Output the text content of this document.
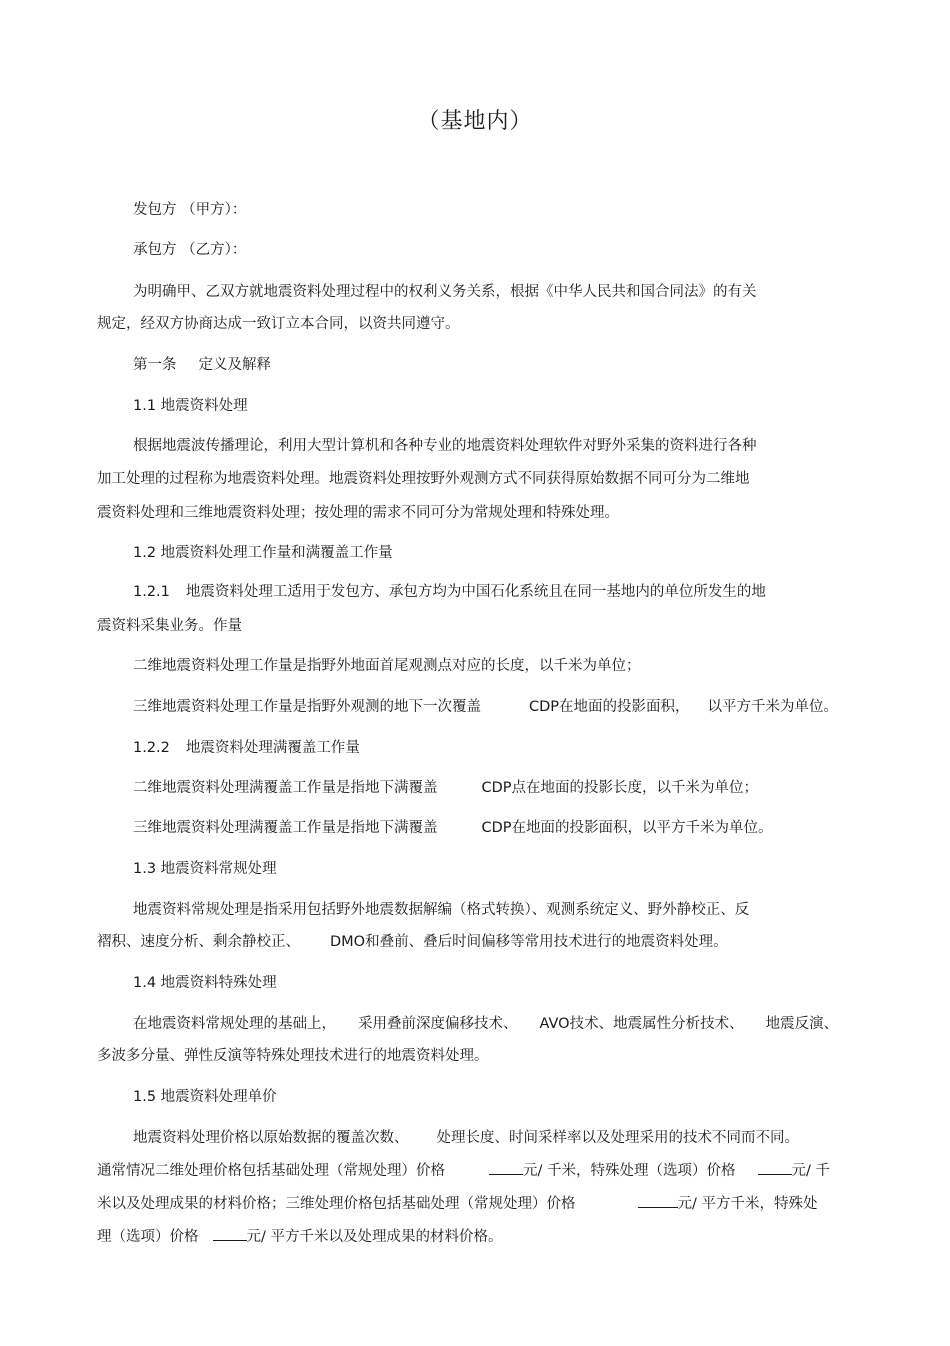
（基地内）
发包方 （甲方）：
承包方 （乙方）：
为明确甲、乙双方就地震资料处理过程中的权利义务关系，根据《中华人民共和国合同法》的有关
规定，经双方协商达成一致订立本合同，以资共同遵守。
第一条 定义及解释
1.1 地震资料处理
根据地震波传播理论，利用大型计算机和各种专业的地震资料处理软件对野外采集的资料进行各种
加工处理的过程称为地震资料处理。地震资料处理按野外观测方式不同获得原始数据不同可分为二维地
震资料处理和三维地震资料处理；按处理的需求不同可分为常规处理和特殊处理。
1.2 地震资料处理工作量和满覆盖工作量
1.2.1 地震资料处理工适用于发包方、承包方均为中国石化系统且在同一基地内的单位所发生的地
震资料采集业务。作量
二维地震资料处理工作量是指野外地面首尾观测点对应的长度，以千米为单位；
三维地震资料处理工作量是指野外观测的地下一次覆盖	CDP在地面的投影面积， 以平方千米为单位。
1.2.2 地震资料处理满覆盖工作量
二维地震资料处理满覆盖工作量是指地下满覆盖	CDP点在地面的投影长度，以千米为单位；
三维地震资料处理满覆盖工作量是指地下满覆盖	CDP在地面的投影面积，以平方千米为单位。
1.3 地震资料常规处理
地震资料常规处理是指采用包括野外地震数据解编（格式转换）、观测系统定义、野外静校正、反
褶积、速度分析、剩余静校正、 DMO和叠前、叠后时间偏移等常用技术进行的地震资料处理。
1.4 地震资料特殊处理
在地震资料常规处理的基础上， 采用叠前深度偏移技术、 AVO技术、地震属性分析技术、 地震反演、
多波多分量、弹性反演等特殊处理技术进行的地震资料处理。
1.5 地震资料处理单价
地震资料处理价格以原始数据的覆盖次数、 处理长度、时间采样率以及处理采用的技术不同而不同。
通常情况二维处理价格包括基础处理（常规处理）价格	元/ 千米，特殊处理（选项）价格	元/ 千
米以及处理成果的材料价格；三维处理价格包括基础处理（常规处理）价格	元/ 平方千米，特殊处
理（选项）价格	元/ 平方千米以及处理成果的材料价格。
